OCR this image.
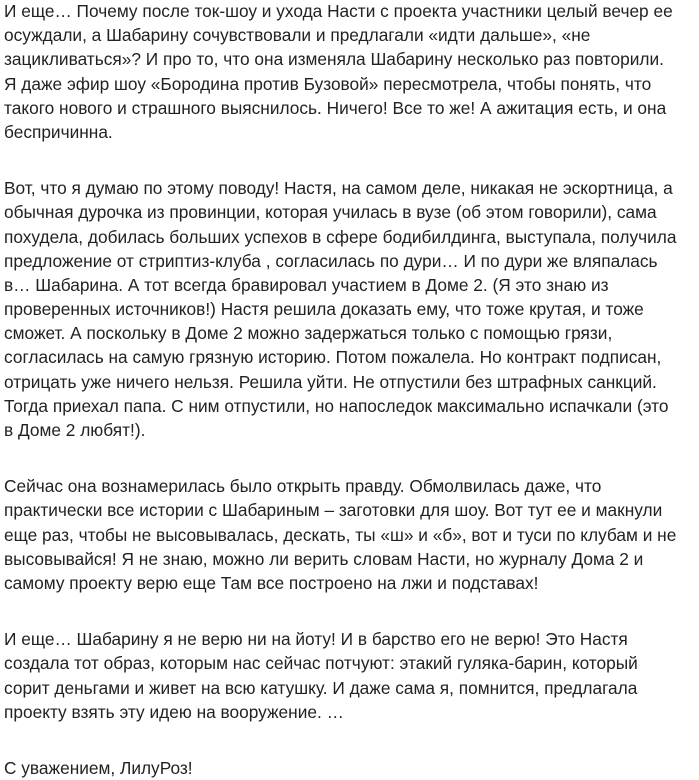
И еще… Почему после ток-шоу и ухода Насти с проекта участники целый вечер ее
осуждали, а Шабарину сочувствовали и предлагали «идти дальше», «не
зацикливаться»? И про то, что она изменяла Шабарину несколько раз повторили.
Я даже эфир шоу «Бородина против Бузовой» пересмотрела, чтобы понять, что
такого нового и страшного выяснилось. Ничего! Все то же! А ажитация есть, и она
беспричинна.

Вот, что я думаю по этому поводу! Настя, на самом деле, никакая не эскортница, а
обычная дурочка из провинции, которая училась в вузе (об этом говорили), сама
похудела, добилась больших успехов в сфере бодибилдинга, выступала, получила
предложение от стриптиз-клуба , согласилась по дури… И по дури же вляпалась
в… Шабарина. А тот всегда бравировал участием в Доме 2. (Я это знаю из
проверенных источников!) Настя решила доказать ему, что тоже крутая, и тоже
сможет. А поскольку в Доме 2 можно задержаться только с помощью грязи,
согласилась на самую грязную историю. Потом пожалела. Но контракт подписан,
отрицать уже ничего нельзя. Решила уйти. Не отпустили без штрафных санкций.
Тогда приехал папа. С ним отпустили, но напоследок максимально испачкали (это
в Доме 2 любят!).

Сейчас она вознамерилась было открыть правду. Обмолвилась даже, что
практически все истории с Шабариным – заготовки для шоу. Вот тут ее и макнули
еще раз, чтобы не высовывалась, дескать, ты «ш» и «б», вот и туси по клубам и не
высовывайся! Я не знаю, можно ли верить словам Насти, но журналу Дома 2 и
самому проекту верю еще Там все построено на лжи и подставах!

И еще… Шабарину я не верю ни на йоту! И в барство его не верю! Это Настя
создала тот образ, которым нас сейчас потчуют: этакий гуляка-барин, который
сорит деньгами и живет на всю катушку. И даже сама я, помнится, предлагала
проекту взять эту идею на вооружение. …

С уважением, ЛилуРоз!
